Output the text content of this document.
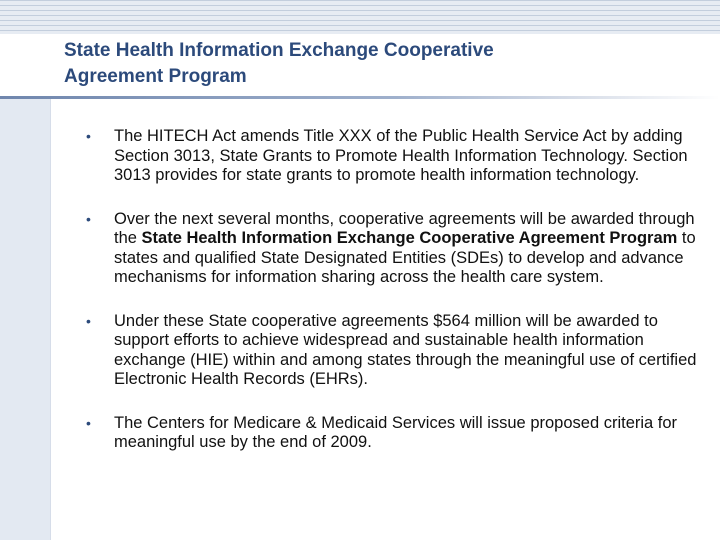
State Health Information Exchange Cooperative
Agreement Program
• The HITECH Act amends Title XXX of the Public Health Service Act by adding Section 3013, State Grants to Promote Health Information Technology. Section 3013 provides for state grants to promote health information technology.
• Over the next several months, cooperative agreements will be awarded through the State Health Information Exchange Cooperative Agreement Program to states and qualified State Designated Entities (SDEs) to develop and advance mechanisms for information sharing across the health care system.
• Under these State cooperative agreements $564 million will be awarded to support efforts to achieve widespread and sustainable health information exchange (HIE) within and among states through the meaningful use of certified Electronic Health Records (EHRs).
• The Centers for Medicare & Medicaid Services will issue proposed criteria for meaningful use by the end of 2009.
